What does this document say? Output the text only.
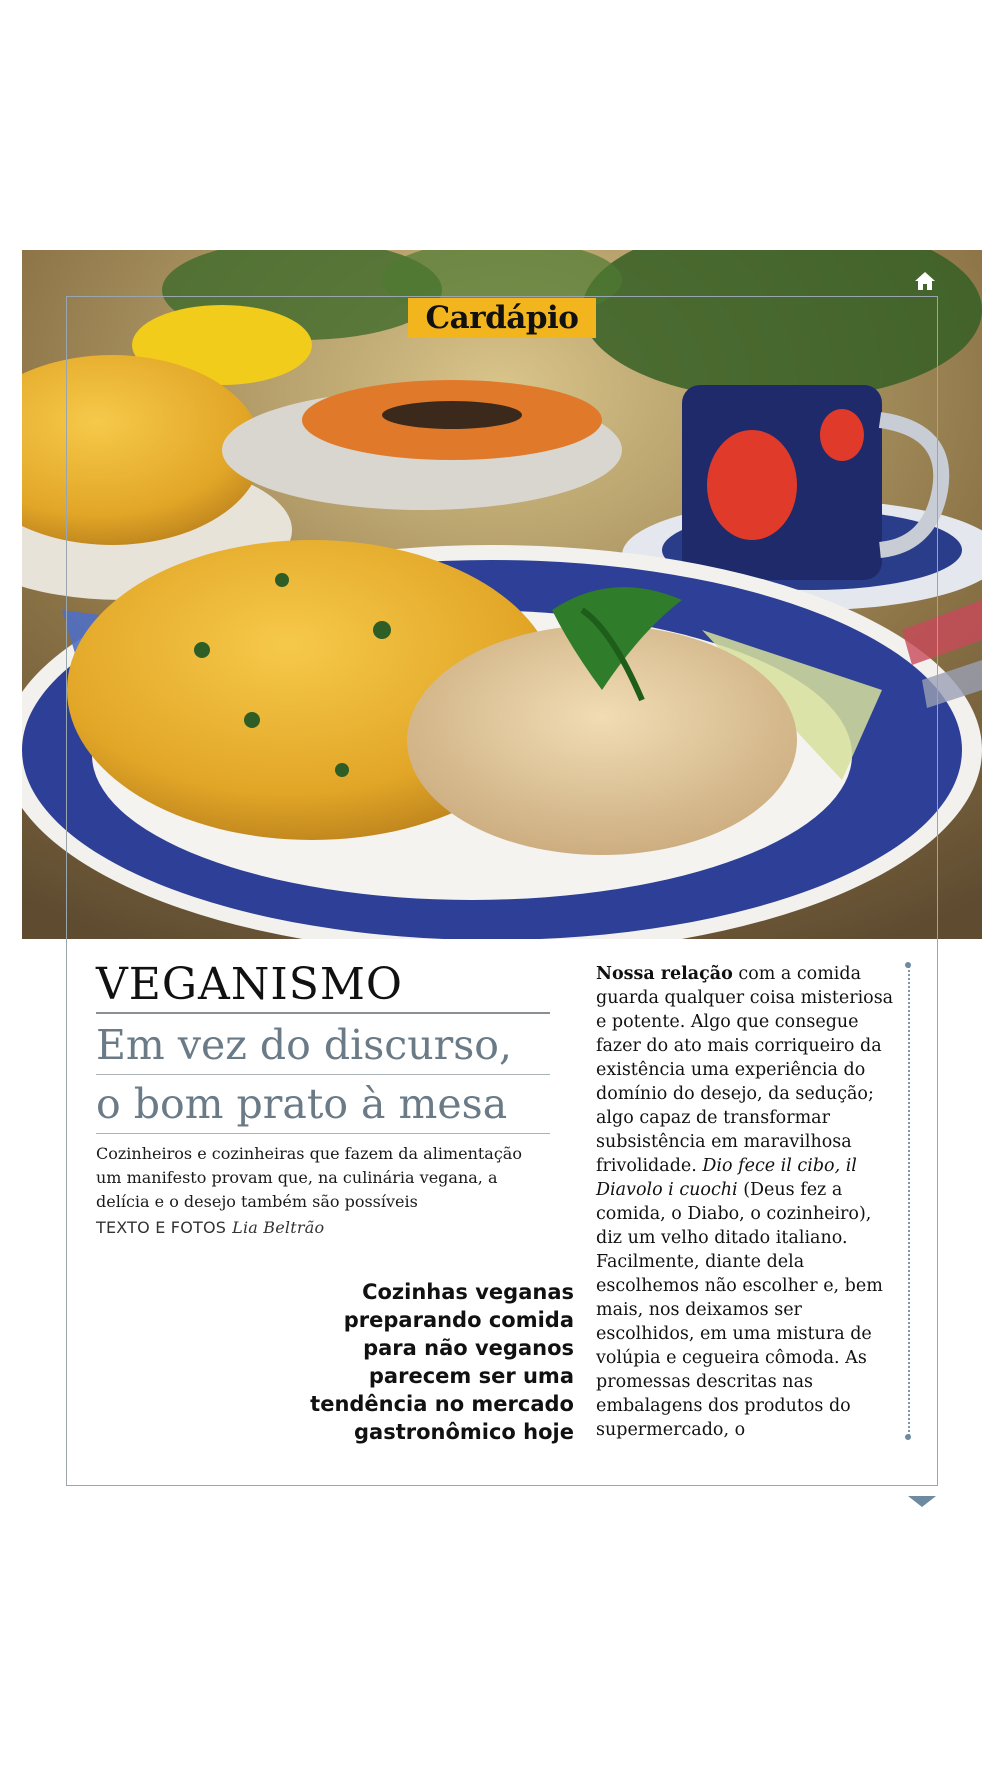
Cardápio
VEGANISMO
Em vez do discurso,
o bom prato à mesa
Cozinheiros e cozinheiras que fazem da alimentação um manifesto provam que, na culinária vegana, a delícia e o desejo também são possíveis
TEXTO E FOTOS Lia Beltrão
Cozinhas veganas preparando comida para não veganos parecem ser uma tendência no mercado gastronômico hoje
Nossa relação com a comida guarda qualquer coisa misteriosa e potente. Algo que consegue fazer do ato mais corriqueiro da existência uma experiência do domínio do desejo, da sedução; algo capaz de transformar subsistência em maravilhosa frivolidade. Dio fece il cibo, il Diavolo i cuochi (Deus fez a comida, o Diabo, o cozinheiro), diz um velho ditado italiano. Facilmente, diante dela escolhemos não escolher e, bem mais, nos deixamos ser escolhidos, em uma mistura de volúpia e cegueira cômoda. As promessas descritas nas embalagens dos produtos do supermercado, o
